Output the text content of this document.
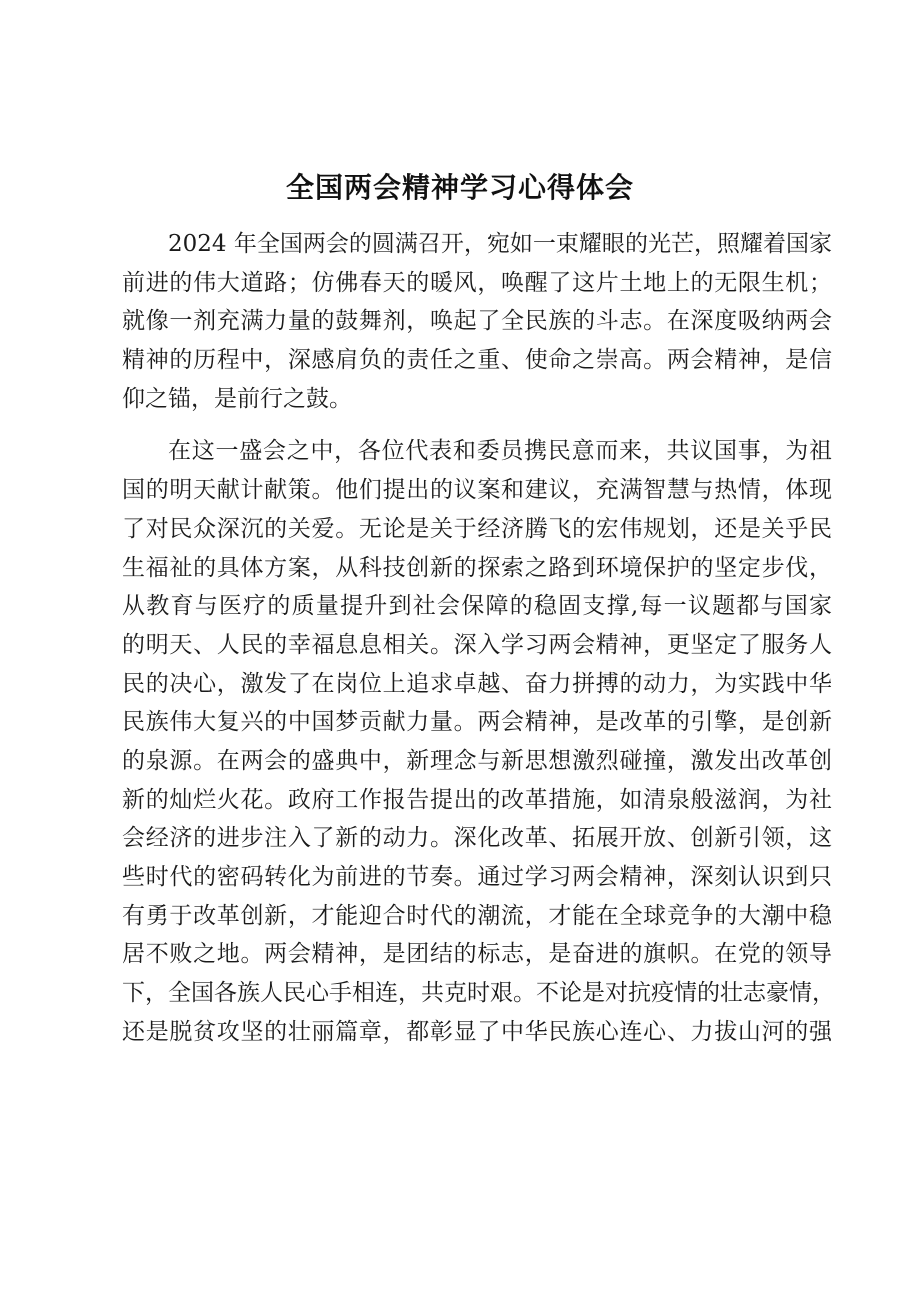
全国两会精神学习心得体会
2024 年全国两会的圆满召开，宛如一束耀眼的光芒，照耀着国家
前进的伟大道路；仿佛春天的暖风，唤醒了这片土地上的无限生机；
就像一剂充满力量的鼓舞剂，唤起了全民族的斗志。在深度吸纳两会
精神的历程中，深感肩负的责任之重、使命之崇高。两会精神，是信
仰之锚，是前行之鼓。
在这一盛会之中，各位代表和委员携民意而来，共议国事，为祖
国的明天献计献策。他们提出的议案和建议，充满智慧与热情，体现
了对民众深沉的关爱。无论是关于经济腾飞的宏伟规划，还是关乎民
生福祉的具体方案，从科技创新的探索之路到环境保护的坚定步伐，
从教育与医疗的质量提升到社会保障的稳固支撑,每一议题都与国家
的明天、人民的幸福息息相关。深入学习两会精神，更坚定了服务人
民的决心，激发了在岗位上追求卓越、奋力拼搏的动力，为实践中华
民族伟大复兴的中国梦贡献力量。两会精神，是改革的引擎，是创新
的泉源。在两会的盛典中，新理念与新思想激烈碰撞，激发出改革创
新的灿烂火花。政府工作报告提出的改革措施，如清泉般滋润，为社
会经济的进步注入了新的动力。深化改革、拓展开放、创新引领，这
些时代的密码转化为前进的节奏。通过学习两会精神，深刻认识到只
有勇于改革创新，才能迎合时代的潮流，才能在全球竞争的大潮中稳
居不败之地。两会精神，是团结的标志，是奋进的旗帜。在党的领导
下，全国各族人民心手相连，共克时艰。不论是对抗疫情的壮志豪情，
还是脱贫攻坚的壮丽篇章，都彰显了中华民族心连心、力拔山河的强
